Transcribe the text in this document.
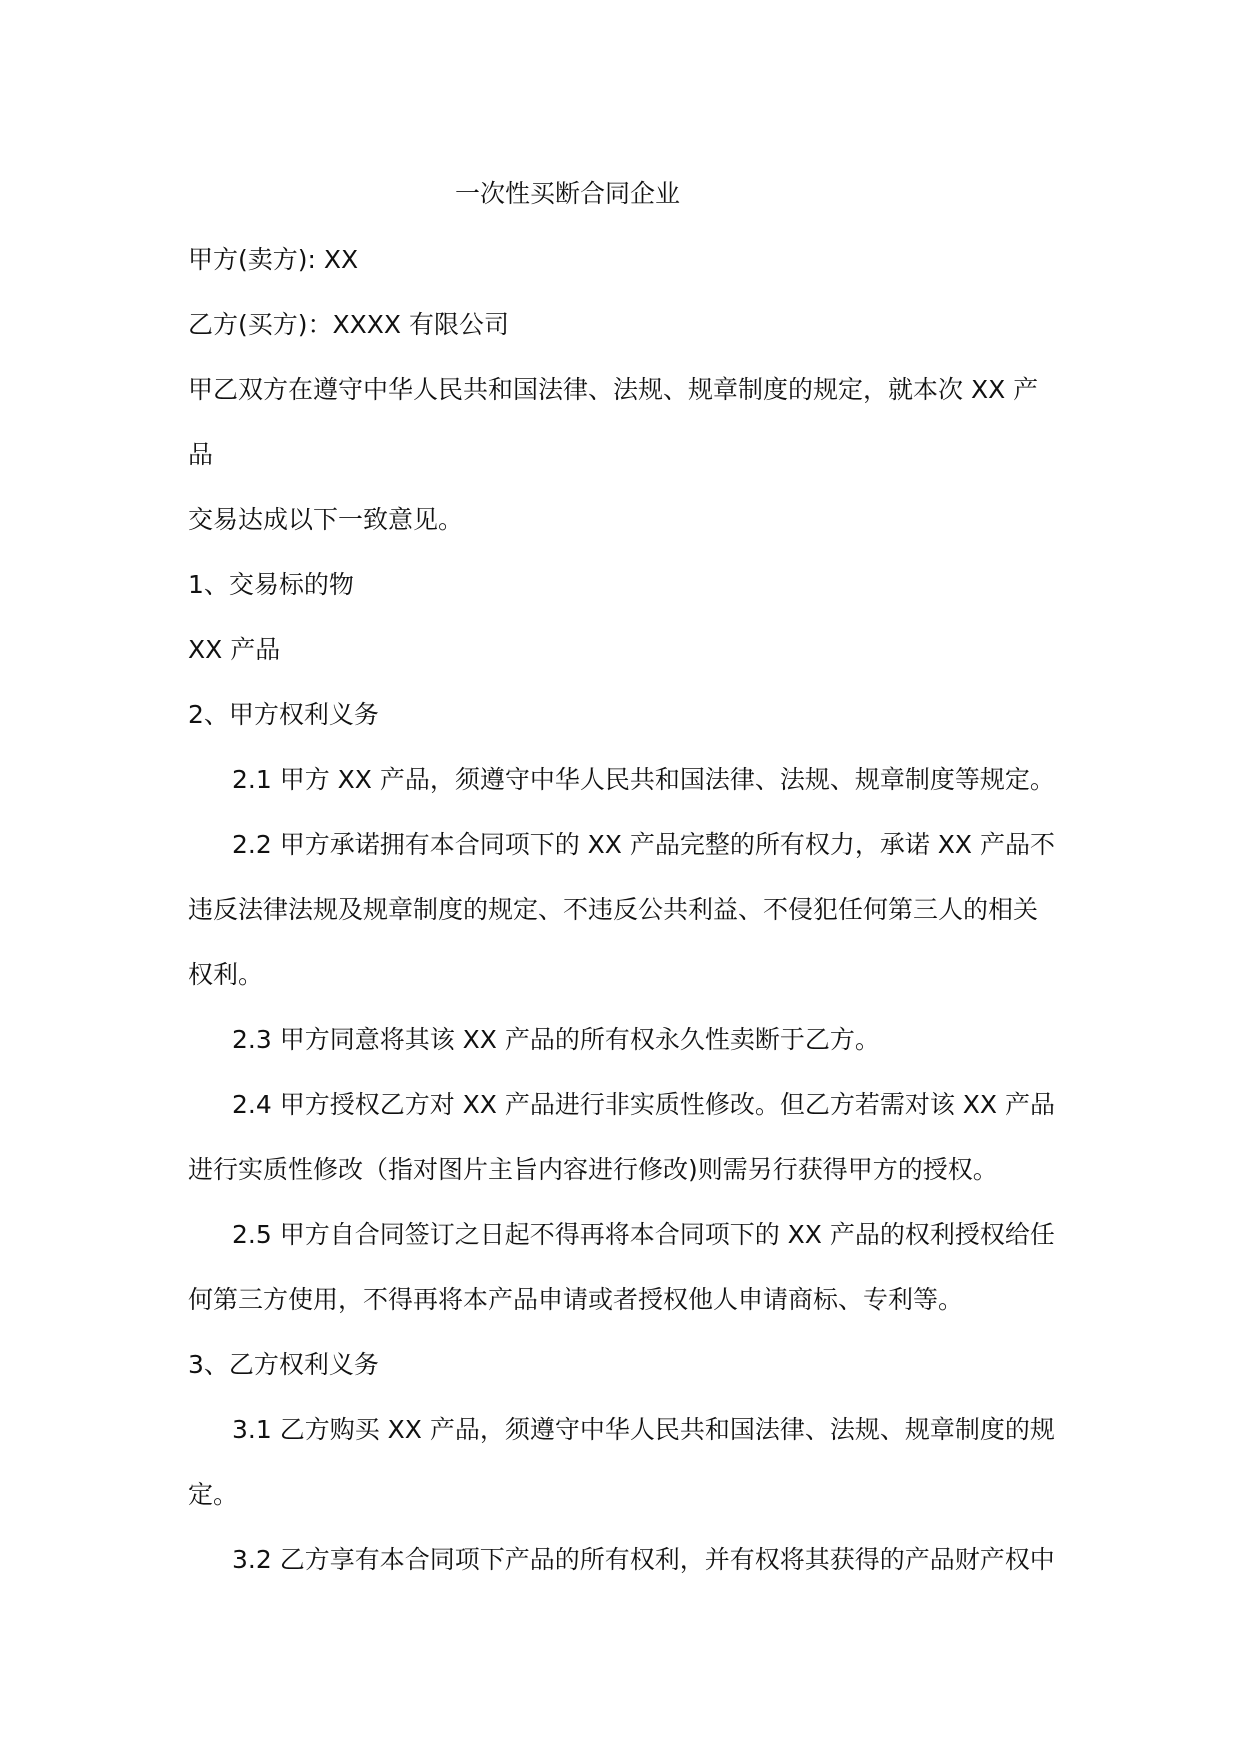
一次性买断合同企业
甲方(卖方): XX
乙方(买方)：XXXX 有限公司
甲乙双方在遵守中华人民共和国法律、法规、规章制度的规定，就本次 XX 产
品
交易达成以下一致意见。
1、交易标的物
XX 产品
2、甲方权利义务
2.1 甲方 XX 产品，须遵守中华人民共和国法律、法规、规章制度等规定。
2.2 甲方承诺拥有本合同项下的 XX 产品完整的所有权力，承诺 XX 产品不
违反法律法规及规章制度的规定、不违反公共利益、不侵犯任何第三人的相关
权利。
2.3 甲方同意将其该 XX 产品的所有权永久性卖断于乙方。
2.4 甲方授权乙方对 XX 产品进行非实质性修改。但乙方若需对该 XX 产品
进行实质性修改（指对图片主旨内容进行修改)则需另行获得甲方的授权。
2.5 甲方自合同签订之日起不得再将本合同项下的 XX 产品的权利授权给任
何第三方使用，不得再将本产品申请或者授权他人申请商标、专利等。
3、乙方权利义务
3.1 乙方购买 XX 产品，须遵守中华人民共和国法律、法规、规章制度的规
定。
3.2 乙方享有本合同项下产品的所有权利，并有权将其获得的产品财产权中
